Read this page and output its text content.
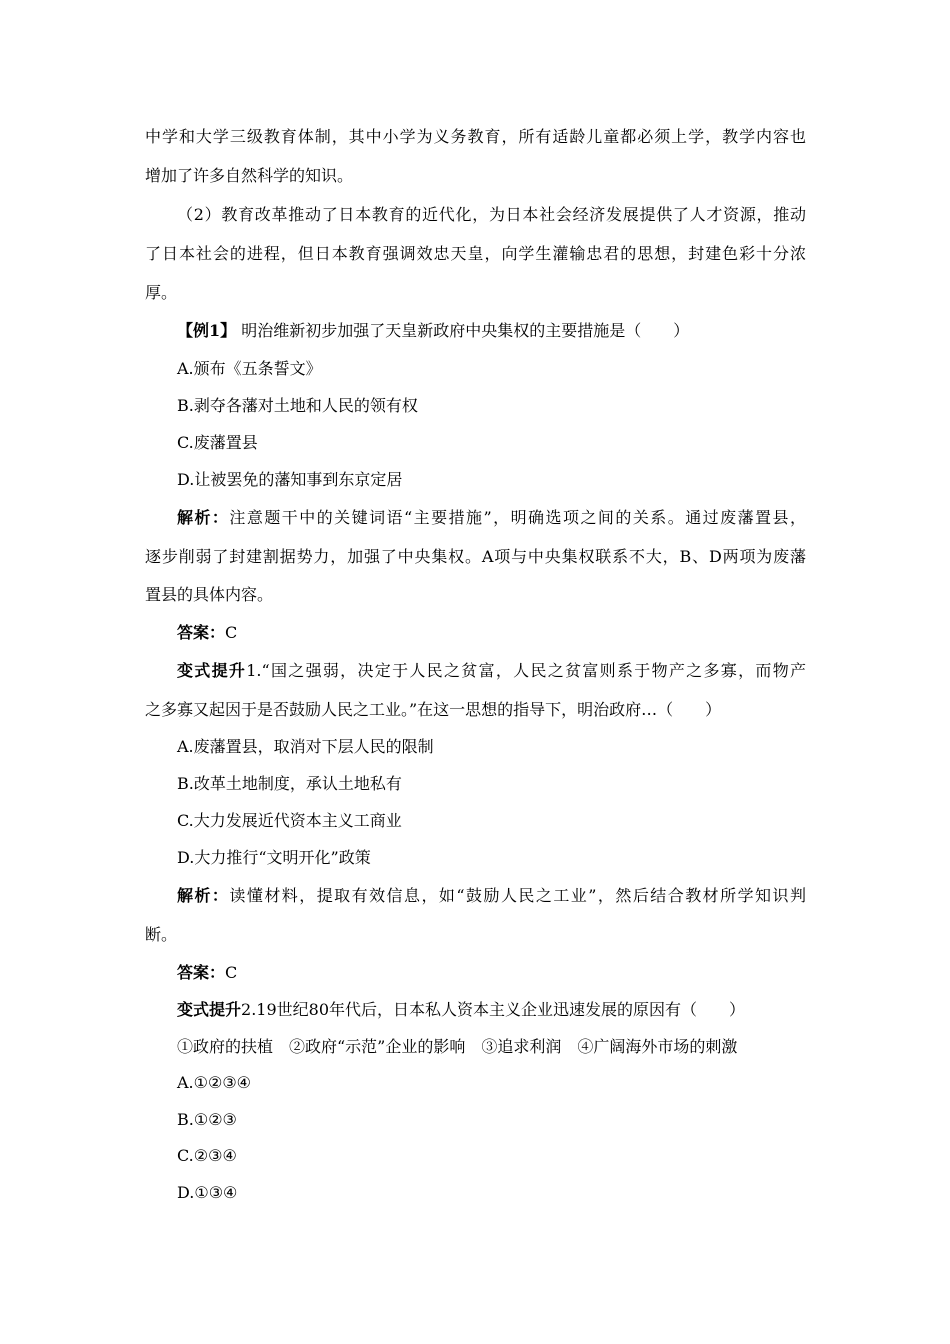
中学和大学三级教育体制，其中小学为义务教育，所有适龄儿童都必须上学，教学内容也
增加了许多自然科学的知识。
（2）教育改革推动了日本教育的近代化，为日本社会经济发展提供了人才资源，推动
了日本社会的进程，但日本教育强调效忠天皇，向学生灌输忠君的思想，封建色彩十分浓
厚。
【例1】 明治维新初步加强了天皇新政府中央集权的主要措施是（　　）
A.颁布《五条誓文》
B.剥夺各藩对土地和人民的领有权
C.废藩置县
D.让被罢免的藩知事到东京定居
解析：注意题干中的关键词语“主要措施”，明确选项之间的关系。通过废藩置县，
逐步削弱了封建割据势力，加强了中央集权。A项与中央集权联系不大，B、D两项为废藩
置县的具体内容。
答案：C
变式提升1.“国之强弱，决定于人民之贫富，人民之贫富则系于物产之多寡，而物产
之多寡又起因于是否鼓励人民之工业。”在这一思想的指导下，明治政府…（　　）
A.废藩置县，取消对下层人民的限制
B.改革土地制度，承认土地私有
C.大力发展近代资本主义工商业
D.大力推行“文明开化”政策
解析：读懂材料，提取有效信息，如“鼓励人民之工业”，然后结合教材所学知识判
断。
答案：C
变式提升2.19世纪80年代后，日本私人资本主义企业迅速发展的原因有（　　）
①政府的扶植　②政府“示范”企业的影响　③追求利润　④广阔海外市场的刺激
A.①②③④
B.①②③
C.②③④
D.①③④
